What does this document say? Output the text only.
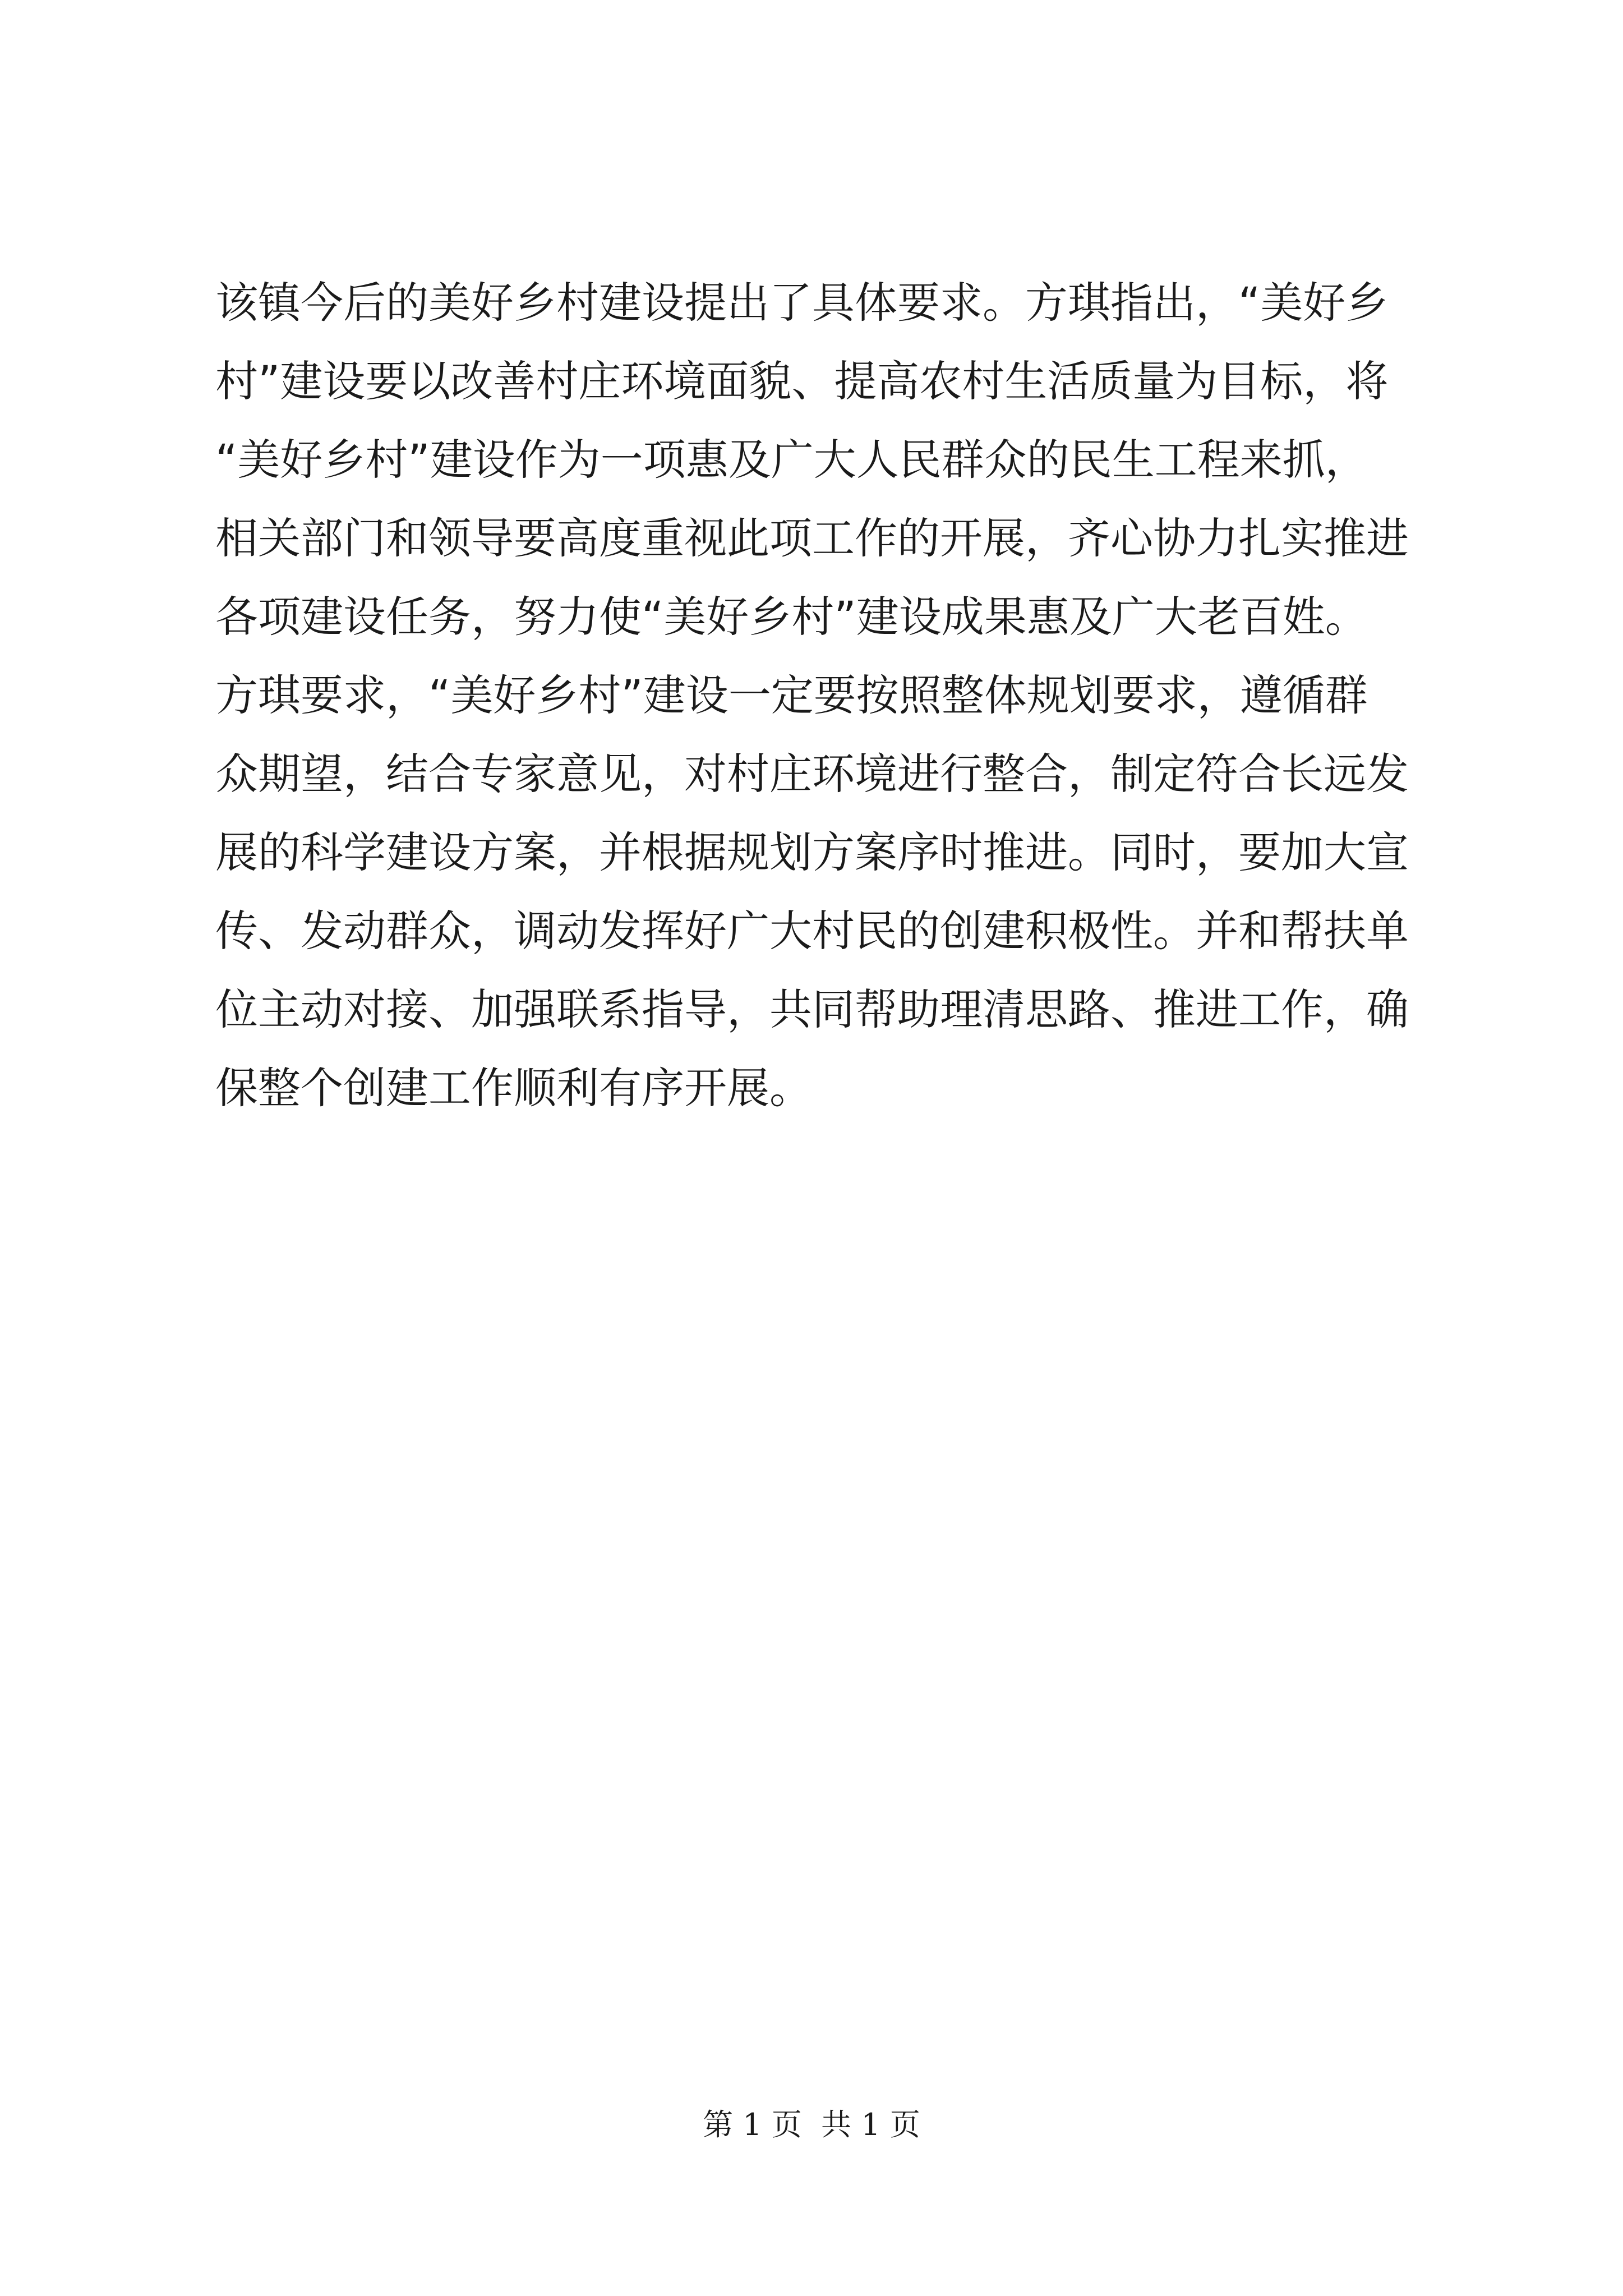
该镇今后的美好乡村建设提出了具体要求。方琪指出，“美好乡
村”建设要以改善村庄环境面貌、提高农村生活质量为目标，将
“美好乡村”建设作为一项惠及广大人民群众的民生工程来抓，
相关部门和领导要高度重视此项工作的开展，齐心协力扎实推进
各项建设任务，努力使“美好乡村”建设成果惠及广大老百姓。
方琪要求，“美好乡村”建设一定要按照整体规划要求，遵循群
众期望，结合专家意见，对村庄环境进行整合，制定符合长远发
展的科学建设方案，并根据规划方案序时推进。同时，要加大宣
传、发动群众，调动发挥好广大村民的创建积极性。并和帮扶单
位主动对接、加强联系指导，共同帮助理清思路、推进工作，确
保整个创建工作顺利有序开展。
第 1 页  共 1 页
